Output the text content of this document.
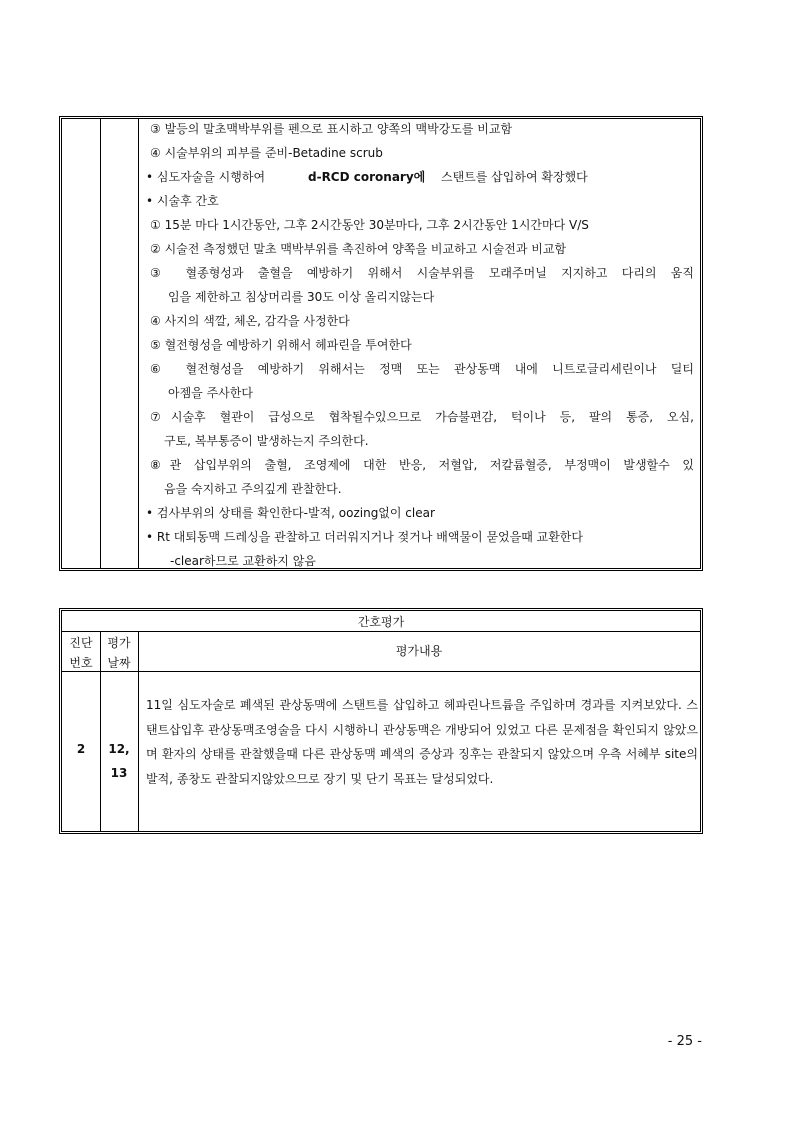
③ 발등의 말초맥박부위를 펜으로 표시하고 양쪽의 맥박강도를 비교함
④ 시술부위의 피부를 준비-Betadine scrub
• 심도자술을 시행하여	d-RCD coronary에 스탠트를 삽입하여 확장했다
• 시술후 간호
① 15분 마다 1시간동안, 그후 2시간동안 30분마다, 그후 2시간동안 1시간마다 V/S
② 시술전 측정했던 말초 맥박부위를 촉진하여 양쪽을 비교하고 시술전과 비교함
③ 혈종형성과 출혈을 예방하기 위해서 시술부위를 모래주머닐 지지하고 다리의 움직
임을 제한하고 침상머리를 30도 이상 올리지않는다
④ 사지의 색깔, 체온, 감각을 사정한다
⑤ 혈전형성을 예방하기 위해서 헤파린을 투여한다
⑥ 혈전형성을 예방하기 위해서는 정맥 또는 관상동맥 내에 니트로글리세린이나 딜티
아젬을 주사한다
⑦시술후 혈관이 급성으로 협착될수있으므로 가슴불편감, 턱이나 등, 팔의 통증, 오심,
구토, 복부통증이 발생하는지 주의한다.
⑧관 삽입부위의 출혈, 조영제에 대한 반응, 저혈압, 저칼륨혈증, 부정맥이 발생할수 있
음을 숙지하고 주의깊게 관찰한다.
• 검사부위의 상태를 확인한다-발적, oozing없이 clear
• Rt 대퇴동맥 드레싱을 관찰하고 더러워지거나 젖거나 배액물이 묻었을때 교환한다
-clear하므로 교환하지 않음
간호평가
진단
번호
평가
날짜
평가내용
2	12,
13
11일 심도자술로 폐색된 관상동맥에 스탠트를 삽입하고 헤파린나트륨을 주입하며 경과를 지켜보았다. 스탠트삽입후 관상동맥조영술을 다시 시행하니 관상동맥은 개방되어 있었고 다른 문제점을 확인되지 않았으며 환자의 상태를 관찰했을때 다른 관상동맥 폐색의 증상과 징후는 관찰되지 않았으며 우측 서혜부 site의 발적, 종창도 관찰되지않았으므로 장기 및 단기 목표는 달성되었다.
- 25 -
